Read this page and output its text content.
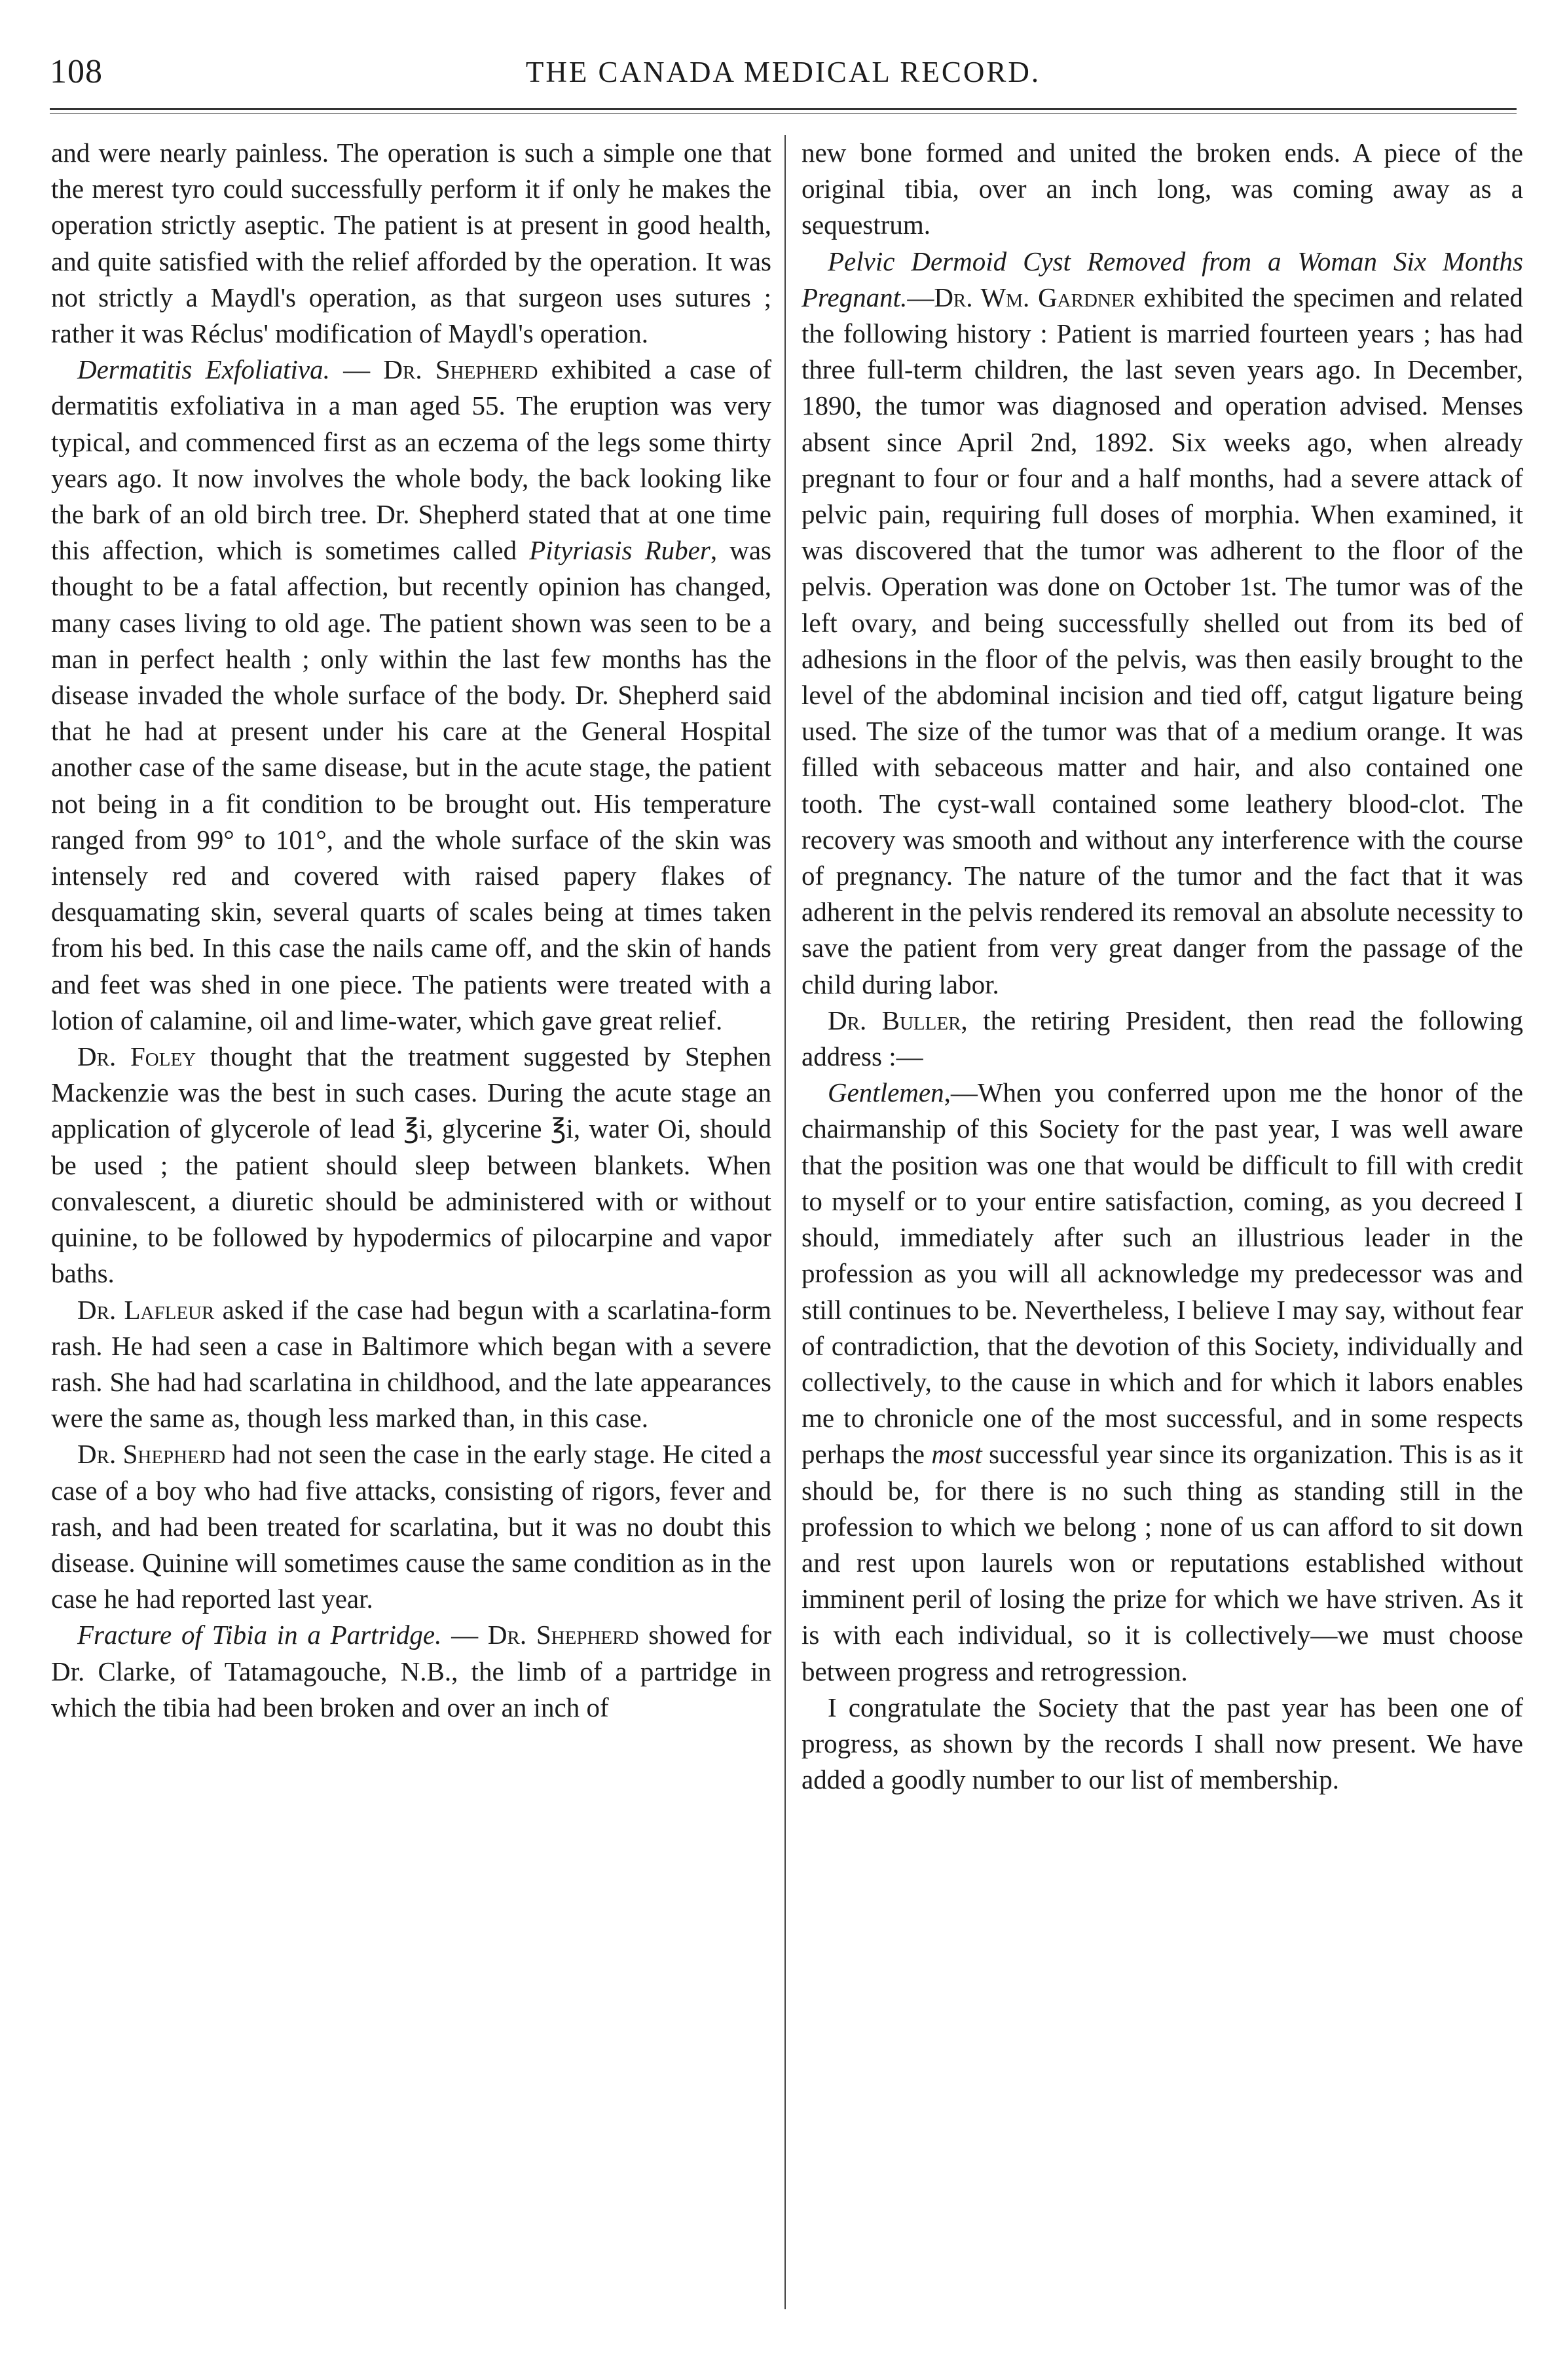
108	THE CANADA MEDICAL RECORD.

and were nearly painless. The operation is such a simple one that the merest tyro could successfully perform it if only he makes the operation strictly aseptic. The patient is at present in good health, and quite satisfied with the relief afforded by the operation. It was not strictly a Maydl's operation, as that surgeon uses sutures ; rather it was Réclus' modification of Maydl's operation.

Dermatitis Exfoliativa. — Dr. Shepherd exhibited a case of dermatitis exfoliativa in a man aged 55. The eruption was very typical, and commenced first as an eczema of the legs some thirty years ago. It now involves the whole body, the back looking like the bark of an old birch tree. Dr. Shepherd stated that at one time this affection, which is sometimes called Pityriasis Ruber, was thought to be a fatal affection, but recently opinion has changed, many cases living to old age. The patient shown was seen to be a man in perfect health ; only within the last few months has the disease invaded the whole surface of the body. Dr. Shepherd said that he had at present under his care at the General Hospital another case of the same disease, but in the acute stage, the patient not being in a fit condition to be brought out. His temperature ranged from 99° to 101°, and the whole surface of the skin was intensely red and covered with raised papery flakes of desquamating skin, several quarts of scales being at times taken from his bed. In this case the nails came off, and the skin of hands and feet was shed in one piece. The patients were treated with a lotion of calamine, oil and lime-water, which gave great relief.

Dr. Foley thought that the treatment suggested by Stephen Mackenzie was the best in such cases. During the acute stage an application of glycerole of lead ℥i, glycerine ℥i, water Oi, should be used ; the patient should sleep between blankets. When convalescent, a diuretic should be administered with or without quinine, to be followed by hypodermics of pilocarpine and vapor baths.

Dr. Lafleur asked if the case had begun with a scarlatina-form rash. He had seen a case in Baltimore which began with a severe rash. She had had scarlatina in childhood, and the late appearances were the same as, though less marked than, in this case.

Dr. Shepherd had not seen the case in the early stage. He cited a case of a boy who had five attacks, consisting of rigors, fever and rash, and had been treated for scarlatina, but it was no doubt this disease. Quinine will sometimes cause the same condition as in the case he had reported last year.

Fracture of Tibia in a Partridge. — Dr. Shepherd showed for Dr. Clarke, of Tatamagouche, N.B., the limb of a partridge in which the tibia had been broken and over an inch of

new bone formed and united the broken ends. A piece of the original tibia, over an inch long, was coming away as a sequestrum.

Pelvic Dermoid Cyst Removed from a Woman Six Months Pregnant.—Dr. Wm. Gardner exhibited the specimen and related the following history : Patient is married fourteen years ; has had three full-term children, the last seven years ago. In December, 1890, the tumor was diagnosed and operation advised. Menses absent since April 2nd, 1892. Six weeks ago, when already pregnant to four or four and a half months, had a severe attack of pelvic pain, requiring full doses of morphia. When examined, it was discovered that the tumor was adherent to the floor of the pelvis. Operation was done on October 1st. The tumor was of the left ovary, and being successfully shelled out from its bed of adhesions in the floor of the pelvis, was then easily brought to the level of the abdominal incision and tied off, catgut ligature being used. The size of the tumor was that of a medium orange. It was filled with sebaceous matter and hair, and also contained one tooth. The cyst-wall contained some leathery blood-clot. The recovery was smooth and without any interference with the course of pregnancy. The nature of the tumor and the fact that it was adherent in the pelvis rendered its removal an absolute necessity to save the patient from very great danger from the passage of the child during labor.

Dr. Buller, the retiring President, then read the following address :—

Gentlemen,—When you conferred upon me the honor of the chairmanship of this Society for the past year, I was well aware that the position was one that would be difficult to fill with credit to myself or to your entire satisfaction, coming, as you decreed I should, immediately after such an illustrious leader in the profession as you will all acknowledge my predecessor was and still continues to be. Nevertheless, I believe I may say, without fear of contradiction, that the devotion of this Society, individually and collectively, to the cause in which and for which it labors enables me to chronicle one of the most successful, and in some respects perhaps the most successful year since its organization. This is as it should be, for there is no such thing as standing still in the profession to which we belong ; none of us can afford to sit down and rest upon laurels won or reputations established without imminent peril of losing the prize for which we have striven. As it is with each individual, so it is collectively—we must choose between progress and retrogression.

I congratulate the Society that the past year has been one of progress, as shown by the records I shall now present. We have added a goodly number to our list of membership.
